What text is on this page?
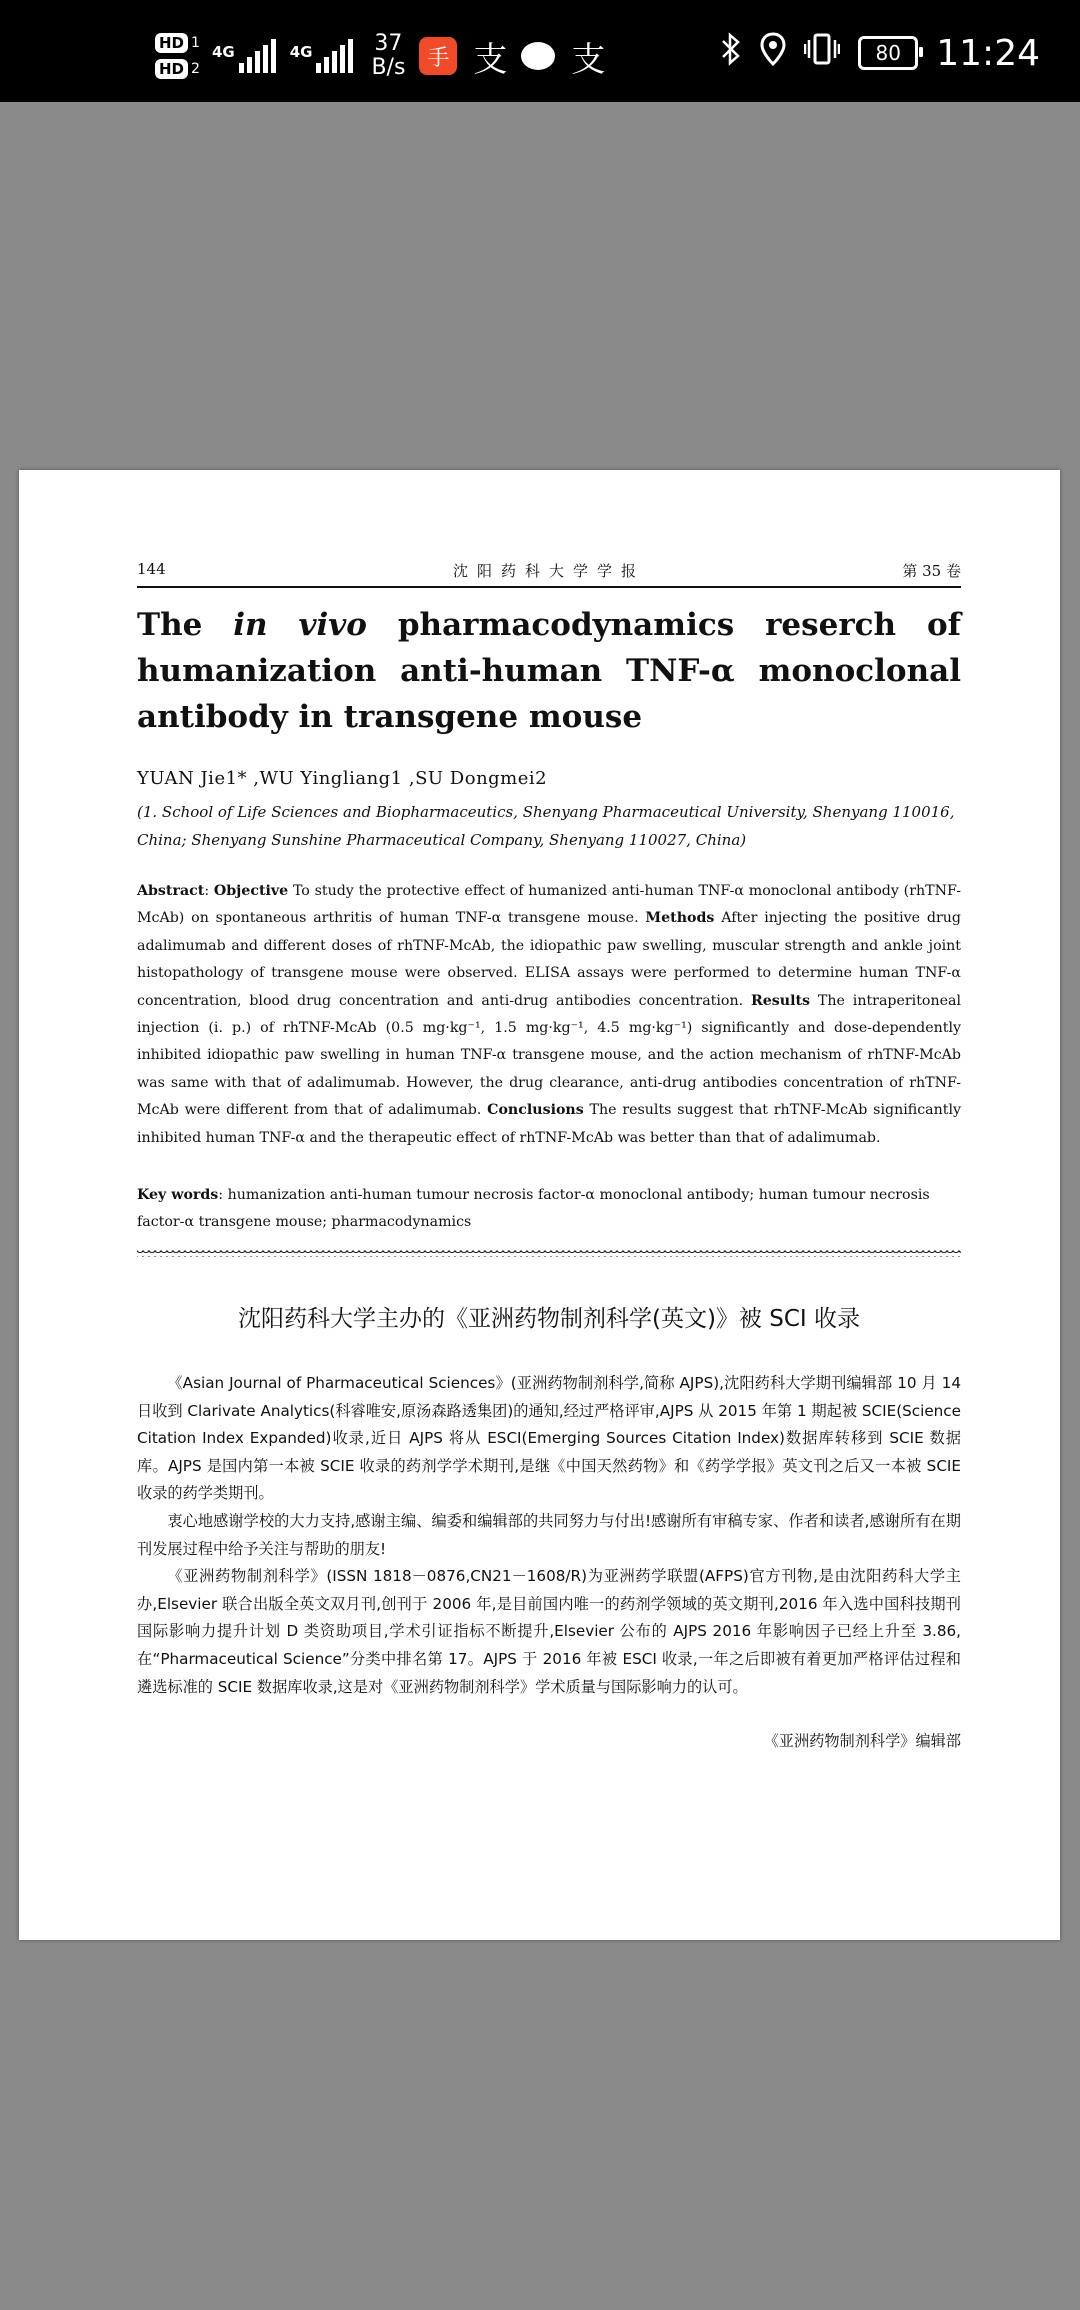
HD 1
HD 2
4G	4G	37
B/s 手 支 支	80 11:24
144	沈阳药科大学学报	第 35 卷
The in vivo pharmacodynamics reserch of humanization anti-human TNF-α monoclonal antibody in transgene mouse
YUAN Jie1* ,WU Yingliang1 ,SU Dongmei2
(1. School of Life Sciences and Biopharmaceutics, Shenyang Pharmaceutical University, Shenyang 110016, China; Shenyang Sunshine Pharmaceutical Company, Shenyang 110027, China)
Abstract: Objective To study the protective effect of humanized anti-human TNF-α monoclonal antibody (rhTNF-McAb) on spontaneous arthritis of human TNF-α transgene mouse. Methods After injecting the positive drug adalimumab and different doses of rhTNF-McAb, the idiopathic paw swelling, muscular strength and ankle joint histopathology of transgene mouse were observed. ELISA assays were performed to determine human TNF-α concentration, blood drug concentration and anti-drug antibodies concentration. Results The intraperitoneal injection (i. p.) of rhTNF-McAb (0.5 mg·kg⁻¹, 1.5 mg·kg⁻¹, 4.5 mg·kg⁻¹) significantly and dose-dependently inhibited idiopathic paw swelling in human TNF-α transgene mouse, and the action mechanism of rhTNF-McAb was same with that of adalimumab. However, the drug clearance, anti-drug antibodies concentration of rhTNF-McAb were different from that of adalimumab. Conclusions The results suggest that rhTNF-McAb significantly inhibited human TNF-α and the therapeutic effect of rhTNF-McAb was better than that of adalimumab.
Key words: humanization anti-human tumour necrosis factor-α monoclonal antibody; human tumour necrosis factor-α transgene mouse; pharmacodynamics
沈阳药科大学主办的《亚洲药物制剂科学(英文)》被 SCI 收录

《Asian Journal of Pharmaceutical Sciences》(亚洲药物制剂科学,简称 AJPS),沈阳药科大学期刊编辑部 10 月 14 日收到 Clarivate Analytics(科睿唯安,原汤森路透集团)的通知,经过严格评审,AJPS 从 2015 年第 1 期起被 SCIE(Science Citation Index Expanded)收录,近日 AJPS 将从 ESCI(Emerging Sources Citation Index)数据库转移到 SCIE 数据库。AJPS 是国内第一本被 SCIE 收录的药剂学学术期刊,是继《中国天然药物》和《药学学报》英文刊之后又一本被 SCIE 收录的药学类期刊。

衷心地感谢学校的大力支持,感谢主编、编委和编辑部的共同努力与付出!感谢所有审稿专家、作者和读者,感谢所有在期刊发展过程中给予关注与帮助的朋友!

《亚洲药物制剂科学》(ISSN 1818－0876,CN21－1608/R)为亚洲药学联盟(AFPS)官方刊物,是由沈阳药科大学主办,Elsevier 联合出版全英文双月刊,创刊于 2006 年,是目前国内唯一的药剂学领域的英文期刊,2016 年入选中国科技期刊国际影响力提升计划 D 类资助项目,学术引证指标不断提升,Elsevier 公布的 AJPS 2016 年影响因子已经上升至 3.86,在“Pharmaceutical Science”分类中排名第 17。AJPS 于 2016 年被 ESCI 收录,一年之后即被有着更加严格评估过程和遴选标准的 SCIE 数据库收录,这是对《亚洲药物制剂科学》学术质量与国际影响力的认可。

《亚洲药物制剂科学》编辑部
